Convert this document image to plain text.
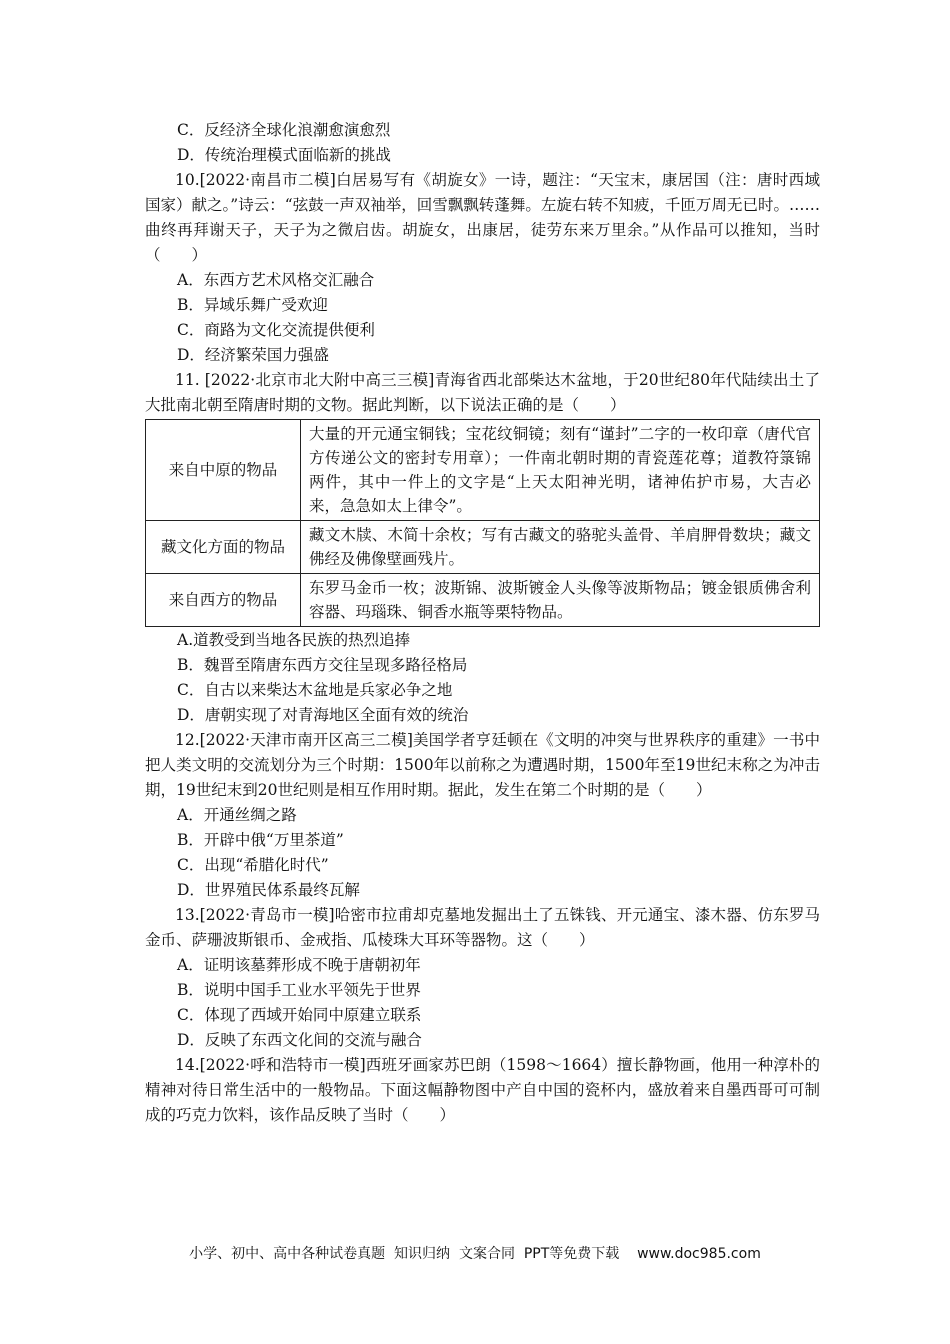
C．反经济全球化浪潮愈演愈烈
D．传统治理模式面临新的挑战
10.[2022·南昌市二模]白居易写有《胡旋女》一诗，题注：“天宝末，康居国（注：唐时西域国家）献之。”诗云：“弦鼓一声双袖举，回雪飘飘转蓬舞。左旋右转不知疲，千匝万周无已时。……曲终再拜谢天子，天子为之微启齿。胡旋女，出康居，徒劳东来万里余。”从作品可以推知，当时（　　）
A．东西方艺术风格交汇融合
B．异域乐舞广受欢迎
C．商路为文化交流提供便利
D．经济繁荣国力强盛
11. [2022·北京市北大附中高三三模]青海省西北部柴达木盆地，于20世纪80年代陆续出土了大批南北朝至隋唐时期的文物。据此判断，以下说法正确的是（　　）
来自中原的物品	大量的开元通宝铜钱；宝花纹铜镜；刻有“谨封”二字的一枚印章（唐代官方传递公文的密封专用章）；一件南北朝时期的青瓷莲花尊；道教符箓锦两件，其中一件上的文字是“上天太阳神光明，诸神佑护市易，大吉必来，急急如太上律令”。
藏文化方面的物品	藏文木牍、木简十余枚；写有古藏文的骆驼头盖骨、羊肩胛骨数块；藏文佛经及佛像壁画残片。
来自西方的物品	东罗马金币一枚；波斯锦、波斯镀金人头像等波斯物品；镀金银质佛舍利容器、玛瑙珠、铜香水瓶等栗特物品。
A.道教受到当地各民族的热烈追捧
B．魏晋至隋唐东西方交往呈现多路径格局
C．自古以来柴达木盆地是兵家必争之地
D．唐朝实现了对青海地区全面有效的统治
12.[2022·天津市南开区高三二模]美国学者亨廷顿在《文明的冲突与世界秩序的重建》一书中把人类文明的交流划分为三个时期：1500年以前称之为遭遇时期，1500年至19世纪末称之为冲击期，19世纪末到20世纪则是相互作用时期。据此，发生在第二个时期的是（　　）
A．开通丝绸之路
B．开辟中俄“万里茶道”
C．出现“希腊化时代”
D．世界殖民体系最终瓦解
13.[2022·青岛市一模]哈密市拉甫却克墓地发掘出土了五铢钱、开元通宝、漆木器、仿东罗马金币、萨珊波斯银币、金戒指、瓜棱珠大耳环等器物。这（　　）
A．证明该墓葬形成不晚于唐朝初年
B．说明中国手工业水平领先于世界
C．体现了西域开始同中原建立联系
D．反映了东西文化间的交流与融合
14.[2022·呼和浩特市一模]西班牙画家苏巴朗（1598～1664）擅长静物画，他用一种淳朴的精神对待日常生活中的一般物品。下面这幅静物图中产自中国的瓷杯内，盛放着来自墨西哥可可制成的巧克力饮料，该作品反映了当时（　　）
小学、初中、高中各种试卷真题  知识归纳  文案合同  PPT等免费下载 www.doc985.com
